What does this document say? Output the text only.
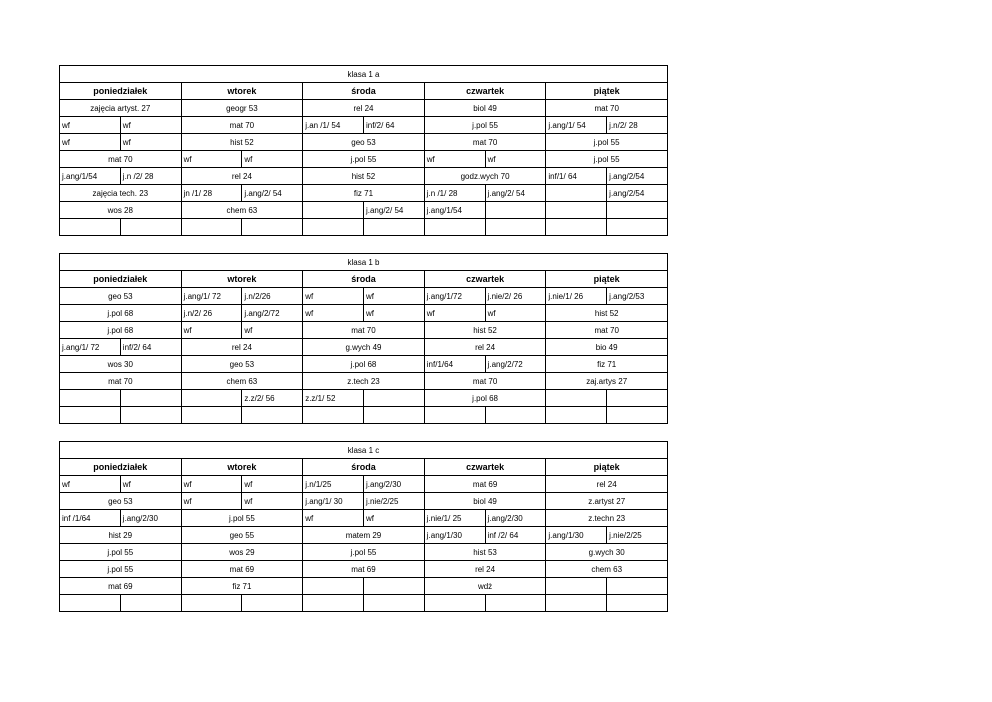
klasa 1 a									
poniedziałek		wtorek		środa		czwartek		piątek	
zajęcia artyst. 27		geogr 53		rel 24		biol 49		mat 70	
wf	wf	mat 70		j.an /1/ 54	inf/2/ 64	j.pol 55		j.ang/1/ 54	j.n/2/ 28
wf	wf	hist 52		geo 53		mat 70		j.pol 55	
mat 70		wf	wf	j.pol 55		wf	wf	j.pol 55	
j.ang/1/54	j.n /2/ 28	rel 24		hist 52		godz.wych 70		inf/1/ 64	j.ang/2/54
zajęcia tech. 23		jn /1/ 28	j.ang/2/ 54	fiz 71		j.n /1/ 28	j.ang/2/ 54		j.ang/2/54
wos 28		chem 63			j.ang/2/ 54	j.ang/1/54			

klasa 1 b									
poniedziałek		wtorek		środa		czwartek		piątek	
geo 53		j.ang/1/ 72	j.n/2/26	wf	wf	j.ang/1/72	j.nie/2/ 26	j.nie/1/ 26	j.ang/2/53
j.pol 68		j.n/2/ 26	j.ang/2/72	wf	wf	wf	wf	hist 52	
j.pol 68		wf	wf	mat 70		hist 52		mat 70	
j.ang/1/ 72	inf/2/ 64	rel 24		g.wych 49		rel 24		bio 49	
wos 30		geo 53		j.pol 68		inf/1/64	j.ang/2/72	fiz 71	
mat 70		chem 63		z.tech 23		mat 70		zaj.artys 27	
			z.z/2/ 56	z.z/1/ 52		j.pol 68			

klasa 1 c									
poniedziałek		wtorek		środa		czwartek		piątek	
wf	wf	wf	wf	j.n/1/25	j.ang/2/30	mat 69		rel 24	
geo 53		wf	wf	j.ang/1/ 30	j.nie/2/25	biol 49		z.artyst 27	
inf /1/64	j.ang/2/30	j.pol 55		wf	wf	j.nie/1/ 25	j.ang/2/30	z.techn 23	
hist 29		geo 55		matem 29		j.ang/1/30	inf /2/ 64	j.ang/1/30	j.nie/2/25
j.pol 55		wos 29		j.pol 55		hist 53		g.wych 30	
j.pol 55		mat 69		mat 69		rel 24		chem 63	
mat 69		fiz 71				wdż			
